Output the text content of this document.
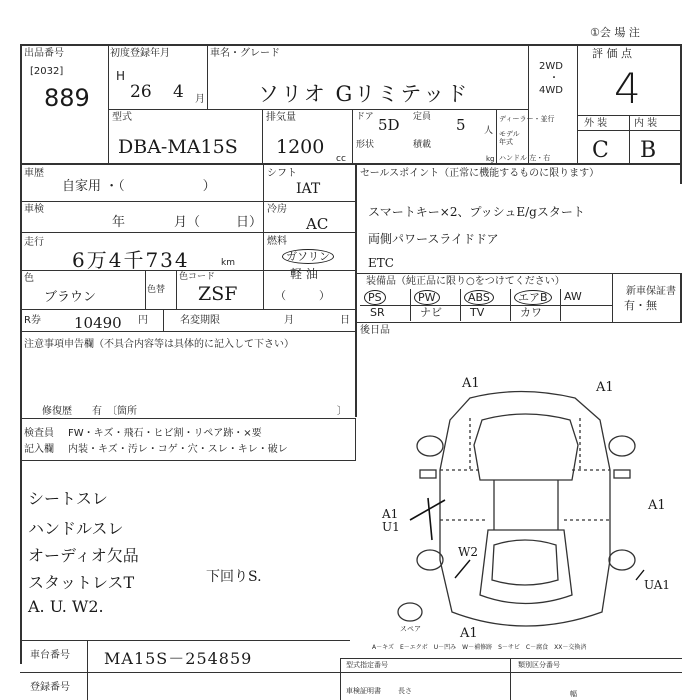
①会 場 注
出品番号
[2032]
889
初度登録年月
H
26 4 月
車名・グレード
ソリオ Gリミテッド
2WD
・
4WD
評 価 点
4
外 装	内 装
C B
型式
DBA-MA15S
排気量
1200
cc
ドア 5D 定員 5 人
形状	積載
kg
ディーラー・並行
モデル 年式
ハンドル 左・右
車歴
自家用 ・（　　　　　　）
シフト
IAT
車検
年	月（	日）
冷房
AC
走行
6万4千734	km
燃料
ガソリン
軽 油
（　　　）
色
ブラウン	色替
色コード
ZSF
R券 10490 円	名変期限	月	日
注意事項申告欄（不具合内容等は具体的に記入して下さい）
修復歴　　有　〔箇所	〕
セールスポイント（正常に機能するものに限ります）
スマートキー×2、プッシュE/gスタート
両側パワースライドドア
ETC
装備品（純正品に限り○をつけてください）
新車保証書
有・無
PS	PW	ABS	エアB	AW
SR	ナビ	TV	カワ
後日品
検査員
記入欄
FW・キズ・飛石・ヒビ割・リペア跡・×要
内装・キズ・汚レ・コゲ・穴・スレ・キレ・破レ
シートスレ
ハンドルスレ
オーディオ欠品
スタットレスT
A. U. W2.
下回りS.
A1	A1
A1
A1
A1 U1
W2
UA1
スペア
A－キズ　E－エクボ　U－凹み　W－補修跡　S－サビ　C－腐食　XX－交換済
車台番号 MA15S－254859
登録番号
型式指定番号	類別区分番号
車検証明書 長さ	幅
